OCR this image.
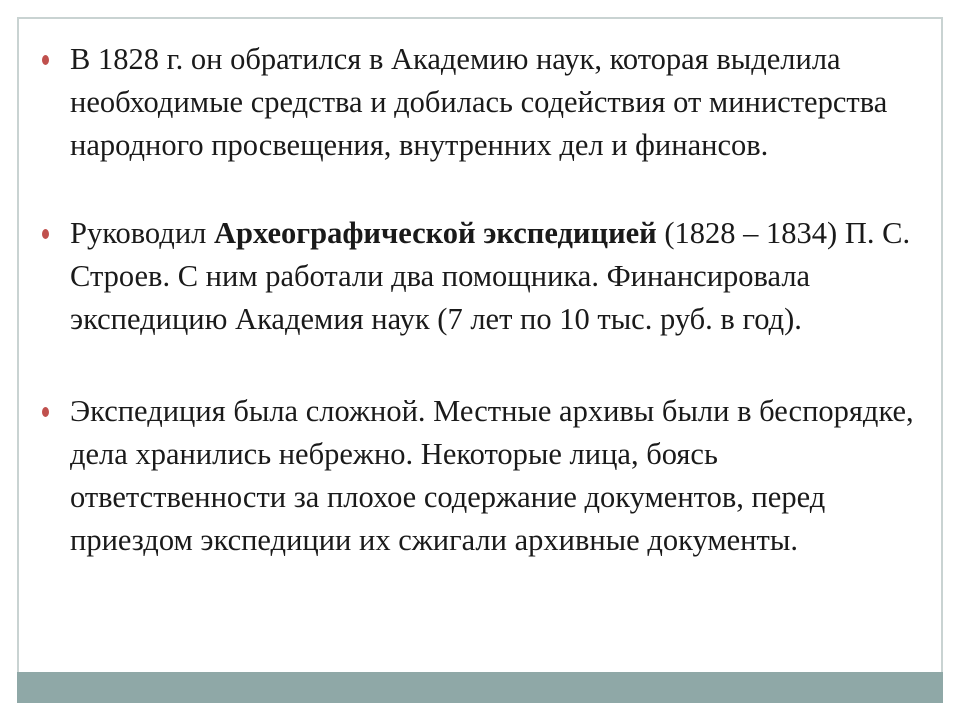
В 1828 г. он обратился в Академию наук, которая выделила необходимые средства и добилась содействия от министерства народного просвещения, внутренних дел и финансов.
Руководил Археографической экспедицией (1828 – 1834) П. С. Строев. С ним работали два помощника. Финансировала экспедицию Академия наук (7 лет по 10 тыс. руб. в год).
Экспедиция была сложной. Местные архивы были в беспорядке, дела хранились небрежно. Некоторые лица, боясь ответственности за плохое содержание документов, перед приездом экспедиции их сжигали архивные документы.
